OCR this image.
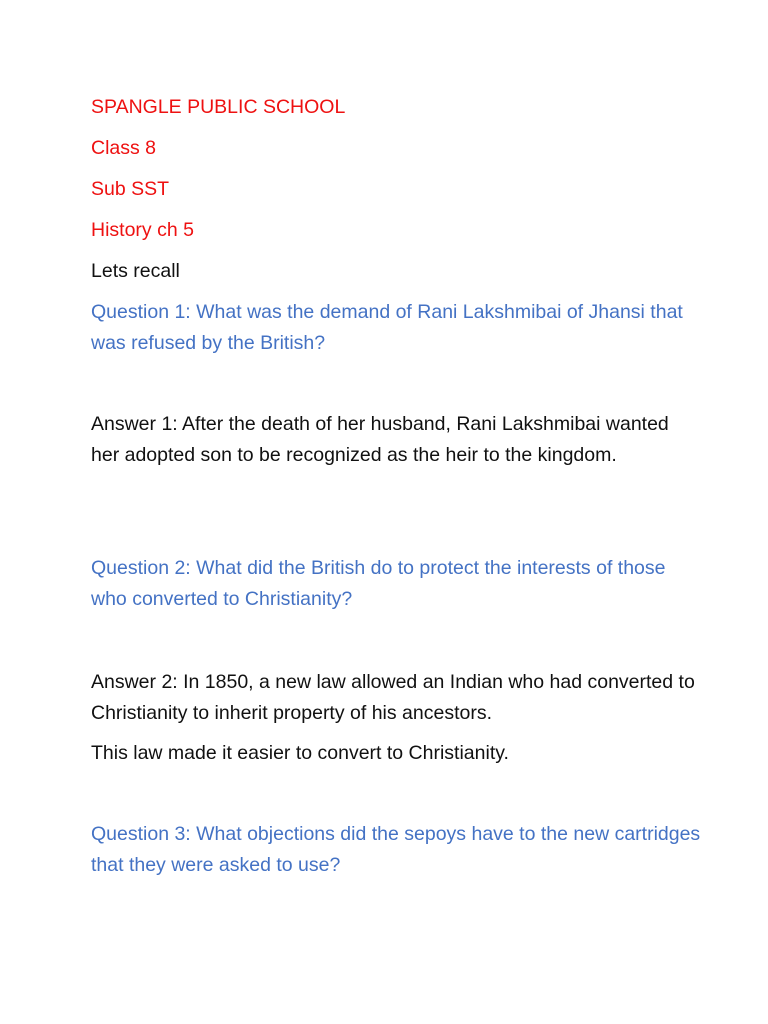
SPANGLE PUBLIC SCHOOL
Class 8
Sub SST
History ch 5
Lets recall
Question 1: What was the demand of Rani Lakshmibai of Jhansi that was refused by the British?
Answer 1: After the death of her husband, Rani Lakshmibai wanted her adopted son to be recognized as the heir to the kingdom.
Question 2: What did the British do to protect the interests of those who converted to Christianity?
Answer 2: In 1850, a new law allowed an Indian who had converted to Christianity to inherit property of his ancestors.
This law made it easier to convert to Christianity.
Question 3: What objections did the sepoys have to the new cartridges that they were asked to use?
